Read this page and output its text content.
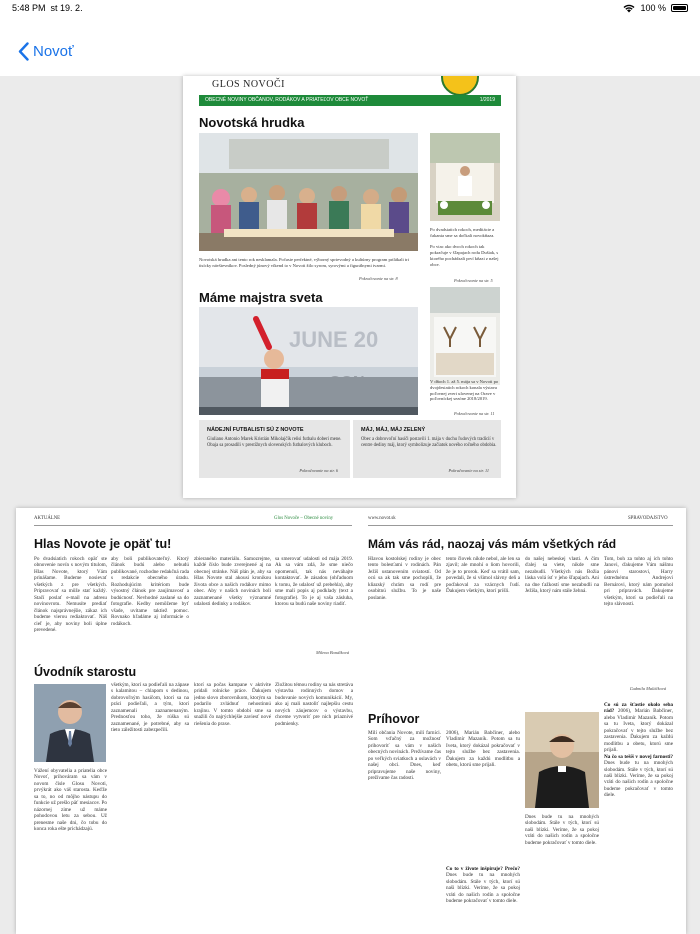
5:48 PM st 19. 2.	100 %
Novoť
GLOS NOVOČI
OBECNÉ NOVINY OBČANOV, RODÁKOV A PRIATEĽOV OBCE NOVOŤ	1/2019
Novotská hrudka
Novotská hrudka ani tento rok nesklamala. Počasie perfektné, výborný sprievodný a kultúrny program prilákali tri tisícky návštevníkov. Posledný júnový víkend to v Novoti žilo syrom, syrovými a figurálnymi tvarmi.
Pokračovanie na str. 8
Po dvadsiatich rokoch, meditácie a čakania sme sa dočkali novokňaza.

Po viac ako dvoch rokoch tak pokračuje v šľapajach rodu Dušiak, s ktorého pochádzali prví kňazi z našej obce.
Pokračovanie na str. 5
Máme majstra sveta
JUNE 20
V dňoch 1. až 5. mája sa v Novoti po dvojdesiatich rokoch konala výstava poľovnej zveri ulovenej na Orave v poľovníckej sezóne 2018/2019.
Pokračovanie na str. 11
NÁDEJNÍ FUTBALISTI SÚ Z NOVOTE
Giuliano Antonio Marek Kristián Mikolajčík reňsi futbalu doberi mene. Obaja sa prosadili v prestížnych slovenských futbalových kluboch.
Pokračovanie na str. 6
MÁJ, MÁJ, MÁJ ZELENÝ
Obec a dobrovoľní hasiči postavili 1. mája v duchu ľudových tradícií v centre dediny máj, ktorý symbolizuje začiatok nového ročného obdobia.
Pokračovanie na str. 11
AKTUÁLNE	Glos Novoče – Obecné noviny	www.novot.sk	SPRAVODAJSTVO
Hlas Novote je opäť tu!
Po dvadsiatich rokoch opäť ste obnovenie novín s novým titulom, Hlas Novote, ktorý Vám prinášame. Budeme nosievať všetkých z pre všetkých. Pripravovať sa môže stať každý. Stačí poslať e-mail na adresu novinovrotu. Nemusíte prediať článok najsprávnejšie, zákaz ich budeme vierou rediaktovať. Náš cieľ je, aby noviny boli úplne prevedené.
aby boli publikovateľný. Ktorý článok budú alebo nebudú publikované, rozhodne redakčná rada s redakcie obecného úradu. Rozhodujúcim kritériom bude výsostný článok pre zaujímavosť a budúcnosť. Nevhodné zaslané sa do fotografie. Kedby nemôžeme byť všade, uvítame taktiež pomoc. Rovnako hľadáme aj informácie o rodákoch.
zbieraného materiálu. Samozrejme, každé číslo bude zverejnené aj na obecnej stránke. Náš plán je, aby sa Hlas Novote stal akousi kronikou života obce a našich rodákov mimo obec. Aby v našich novinách boli zaznamenané všetky významné udalosti dedinky a rodákov.
sa smerovať udalosti od mája 2019. Ak sa vám zdá, že sme niečo opomenuli, tak nás neváhajte kontaktovať. Je zásadou (ohľaduom k tomu, že udalosť už prebehla), aby sme mali popis aj podklady (text a fotografie). To je aj vaša zásluha, ktorou sa budú naše noviny riadiť.
Milena Bondíková
Úvodník starostu
všetkým, ktorí sa podieľali na zápase s kalamitou – chlapom s dedinou, dobrovoľným hasičom, ktorí sa na práci podieľali, a tým, ktorí zaznamenali zaznamenaným. Prednosťou toho, že rúška sú zaznamenané, je potrebné, aby sa tieto záležitosti zabezpečili.
Vážení obyvatelia a priatelia obce Novoť, prihováram sa vám v novom čísle Glosu Novoti, prvýkrát ako váš starosta. Keďže sa to, no od môjho nástupu do funkcie už prešlo päť mesiacov. Po názornej zime už máme pohodovou letu za sebou. Už prenesme naše dni, čo tobu do konca roka ešte prichádzajú.
ktorí sa počas kampane v aktivite pridali rolnícke práce. Ďakujem jedno slovo zborovníkom, ktorým sa podarilo zvládnuť nehostinnú krajinu. V tomto období sme sa snažili čo najrýchlejšie zaviesť nové riešenia do praxe.
Zložitou témou rodiny sa nás stretáva výstavba rodinných domov a budovanie nových komunikácií. My, ako aj mali nastoliť najlepšiu cestu nových záujemcov o výstavbu, chceme vytvoriť pre nich priaznivé podmienky.
Mám vás rád, naozaj vás mám všetkých rád
Hlavou kostolskej rodiny je obec tento bolesťami v rodinách. Pán Ježiš ustanovením sviatostí. Od ocú sa ak tak sme pochopili, že kňazský chrám sa rodí pre osobitnú službu. To je naše poslanie.
tento človek nikde nebol, ale len sa zjavil; ale mnohí o ňom hovorili, že je to prorok. Keď sa vrátil sam, povedali, že si všimol slávny deň a poďakoval za vzácnych ľudí. Ďakujem všetkým, ktorí prišli.
do našej nebeskej vlasti. A čím ďalej sa viete, nikde sme nezabudli. Všetkých nás Božia láska volá ísť v jeho šľapajach. Ani na dne ťažkostí sme nezabudli na Ježiša, ktorý nám stále žehná.
Tom, boh za tohto aj ich tohto Janovi, ďakujeme Vám nášmu pánovi starostovi, Harry ústrednému Andrejovi Bernárovi, ktorý nám pomohol pri prípravách. Ďakujeme všetkým, ktorí sa podieľali na tejto slávnosti.
Ľudmila Maláčková
Príhovor
Milí občania Novote, milí farníci. Som vďačný za možnosť prihovoriť sa vám v našich obecných novinách. Prežívame čas po veľkých sviatkoch a oslavách v našej obci. Dnes, keď pripravujeme naše noviny, prežívame čas radosti.
2006), Marián Babčiner, alebo Vladimír Mazaník. Potom sa tu Iveta, ktorý dokázal pokračovať v tejto službe bez zastavenia. Ďakujem za každú modlitbu a obetu, ktorú sme prijali.
Čo to v živote inšpiruje? Prečo? Dnes bude tu na mnohých slobodám. Stále v tých, ktorí sú naši blízki. Veríme, že sa pokoj vráti do našich rodín a spoločne budeme pokračovať v tomto diele.
Čo sú za šťastie okolo seba rád? 2006), Marián Babčiner, alebo Vladimír Mazaník. Potom sa tu Iveta, ktorý dokázal pokračovať v tejto službe bez zastavenia. Ďakujem za každú modlitbu a obetu, ktorú sme prijali.
Na čo sa tešíš v novej farnosti? Dnes bude tu na mnohých slobodám. Stále v tých, ktorí sú naši blízki. Veríme, že sa pokoj vráti do našich rodín a spoločne budeme pokračovať v tomto diele.
Dnes bude tu na mnohých slobodám. Stále v tých, ktorí sú naši blízki. Veríme, že sa pokoj vráti do našich rodín a spoločne budeme pokračovať v tomto diele.
